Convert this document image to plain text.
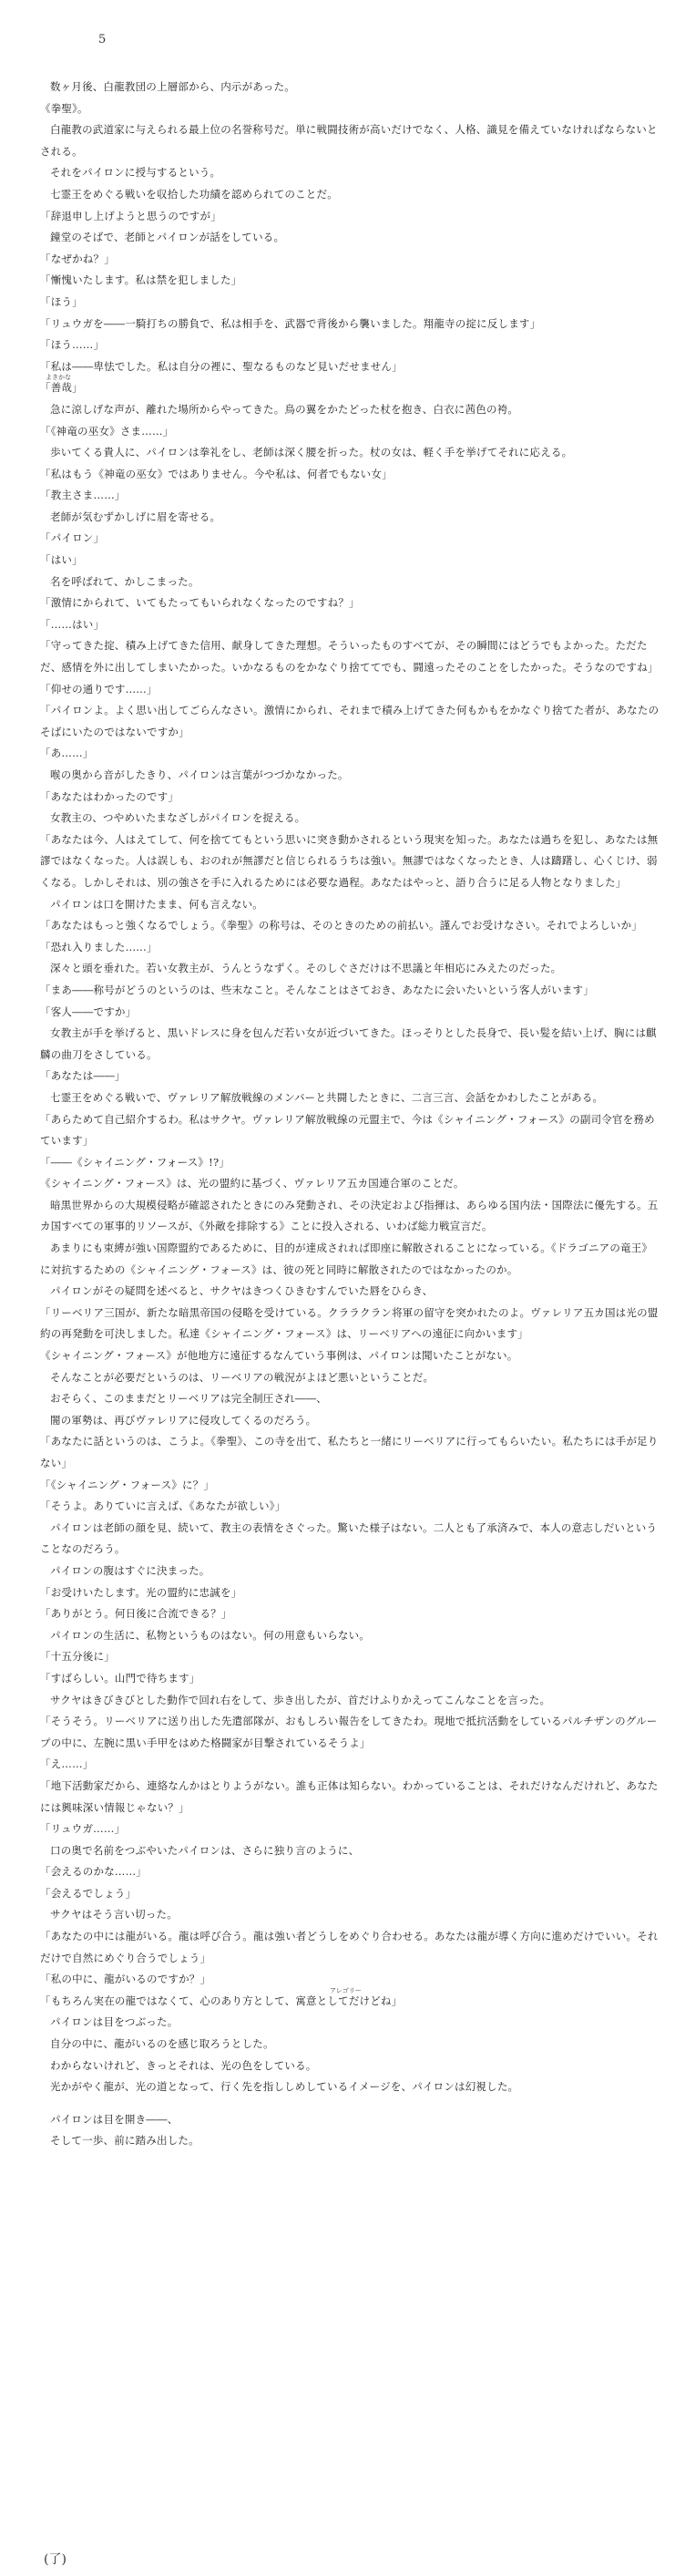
5

数ヶ月後、白龍教団の上層部から、内示があった。

《拳聖》。

白龍教の武道家に与えられる最上位の名誉称号だ。単に戦闘技術が高いだけでなく、人格、識見を備えていなければならないとされる。

それをパイロンに授与するという。

七霊王をめぐる戦いを収拾した功績を認められてのことだ。

「辞退申し上げようと思うのですが」

鐘堂のそばで、老師とパイロンが話をしている。

「なぜかね？」

「慚愧いたします。私は禁を犯しました」

「ほう」

「リュウガを――一騎打ちの勝負で、私は相手を、武器で背後から襲いました。翔龍寺の掟に反します」

「ほう……」

「私は――卑怯でした。私は自分の裡に、聖なるものなど見いだせません」

よきかな

「善哉」

急に涼しげな声が、離れた場所からやってきた。鳥の翼をかたどった杖を抱き、白衣に茜色の袴。

「《神竜の巫女》さま……」

歩いてくる貴人に、パイロンは拳礼をし、老師は深く腰を折った。杖の女は、軽く手を挙げてそれに応える。

「私はもう《神竜の巫女》ではありません。今や私は、何者でもない女」

「教主さま……」

老師が気むずかしげに眉を寄せる。

「パイロン」

「はい」

名を呼ばれて、かしこまった。

「激情にかられて、いてもたってもいられなくなったのですね？」

「……はい」

「守ってきた掟、積み上げてきた信用、献身してきた理想。そういったものすべてが、その瞬間にはどうでもよかった。ただただ、感情を外に出してしまいたかった。いかなるものをかなぐり捨ててでも、闘遠ったそのことをしたかった。そうなのですね」

「仰せの通りです……」

「パイロンよ。よく思い出してごらんなさい。激情にかられ、それまで積み上げてきた何もかもをかなぐり捨てた者が、あなたのそばにいたのではないですか」

「あ……」

喉の奥から音がしたきり、パイロンは言葉がつづかなかった。

「あなたはわかったのです」

女教主の、つやめいたまなざしがパイロンを捉える。

「あなたは今、人はえてして、何を捨ててもという思いに突き動かされるという現実を知った。あなたは過ちを犯し、あなたは無謬ではなくなった。人は誤しも、おのれが無謬だと信じられるうちは強い。無謬ではなくなったとき、人は躊躇し、心くじけ、弱くなる。しかしそれは、別の強さを手に入れるためには必要な過程。あなたはやっと、語り合うに足る人物となりました」

パイロンは口を開けたまま、何も言えない。

「あなたはもっと強くなるでしょう。《拳聖》の称号は、そのときのための前払い。謹んでお受けなさい。それでよろしいか」

「恐れ入りました……」

深々と頭を垂れた。若い女教主が、うんとうなずく。そのしぐさだけは不思議と年相応にみえたのだった。

「まあ――称号がどうのというのは、些末なこと。そんなことはさておき、あなたに会いたいという客人がいます」

「客人――ですか」

女教主が手を挙げると、黒いドレスに身を包んだ若い女が近づいてきた。ほっそりとした長身で、長い髪を結い上げ、胸には麒麟の曲刀をさしている。

「あなたは――」

七霊王をめぐる戦いで、ヴァレリア解放戦線のメンバーと共闘したときに、二言三言、会話をかわしたことがある。

「あらためて自己紹介するわ。私はサクヤ。ヴァレリア解放戦線の元盟主で、今は《シャイニング・フォース》の副司令官を務めています」

「――《シャイニング・フォース》!?」

《シャイニング・フォース》は、光の盟約に基づく、ヴァレリア五カ国連合軍のことだ。

暗黒世界からの大規模侵略が確認されたときにのみ発動され、その決定および指揮は、あらゆる国内法・国際法に優先する。五カ国すべての軍事的リソースが、《外敵を排除する》ことに投入される、いわば総力戦宣言だ。

あまりにも束縛が強い国際盟約であるために、目的が達成されれば即座に解散されることになっている。《ドラゴニアの竜王》に対抗するための《シャイニング・フォース》は、彼の死と同時に解散されたのではなかったのか。

パイロンがその疑問を述べると、サクヤはきつくひきむすんでいた唇をひらき、

「リーベリア三国が、新たな暗黒帝国の侵略を受けている。クララクラン将軍の留守を突かれたのよ。ヴァレリア五カ国は光の盟約の再発動を可決しました。私達《シャイニング・フォース》は、リーベリアへの遠征に向かいます」

《シャイニング・フォース》が他地方に遠征するなんていう事例は、パイロンは聞いたことがない。

そんなことが必要だというのは、リーベリアの戦況がよほど悪いということだ。

おそらく、このままだとリーベリアは完全制圧され――、

闇の軍勢は、再びヴァレリアに侵攻してくるのだろう。

「あなたに話というのは、こうよ。《拳聖》、この寺を出て、私たちと一緒にリーベリアに行ってもらいたい。私たちには手が足りない」

「《シャイニング・フォース》に？」

「そうよ。ありていに言えば、《あなたが欲しい》」

パイロンは老師の顔を見、続いて、教主の表情をさぐった。驚いた様子はない。二人とも了承済みで、本人の意志しだいということなのだろう。

パイロンの腹はすぐに決まった。

「お受けいたします。光の盟約に忠誠を」

「ありがとう。何日後に合流できる？」

パイロンの生活に、私物というものはない。何の用意もいらない。

「十五分後に」

「すばらしい。山門で待ちます」

サクヤはきびきびとした動作で回れ右をして、歩き出したが、首だけふりかえってこんなことを言った。

「そうそう。リーベリアに送り出した先遣部隊が、おもしろい報告をしてきたわ。現地で抵抗活動をしているパルチザンのグループの中に、左腕に黒い手甲をはめた格闘家が目撃されているそうよ」

「え……」

「地下活動家だから、連絡なんかはとりようがない。誰も正体は知らない。わかっていることは、それだけなんだけれど、あなたには興味深い情報じゃない？」

「リュウガ……」

口の奥で名前をつぶやいたパイロンは、さらに独り言のように、

「会えるのかな……」

「会えるでしょう」

サクヤはそう言い切った。

「あなたの中には龍がいる。龍は呼び合う。龍は強い者どうしをめぐり合わせる。あなたは龍が導く方向に進めだけでいい。それだけで自然にめぐり合うでしょう」

「私の中に、龍がいるのですか？」

アレゴリー

「もちろん実在の龍ではなくて、心のあり方として、寓意としてだけどね」

パイロンは目をつぶった。

自分の中に、龍がいるのを感じ取ろうとした。

わからないけれど、きっとそれは、光の色をしている。

光かがやく龍が、光の道となって、行く先を指ししめしているイメージを、パイロンは幻視した。

パイロンは目を開き――、

そして一歩、前に踏み出した。

(了)
